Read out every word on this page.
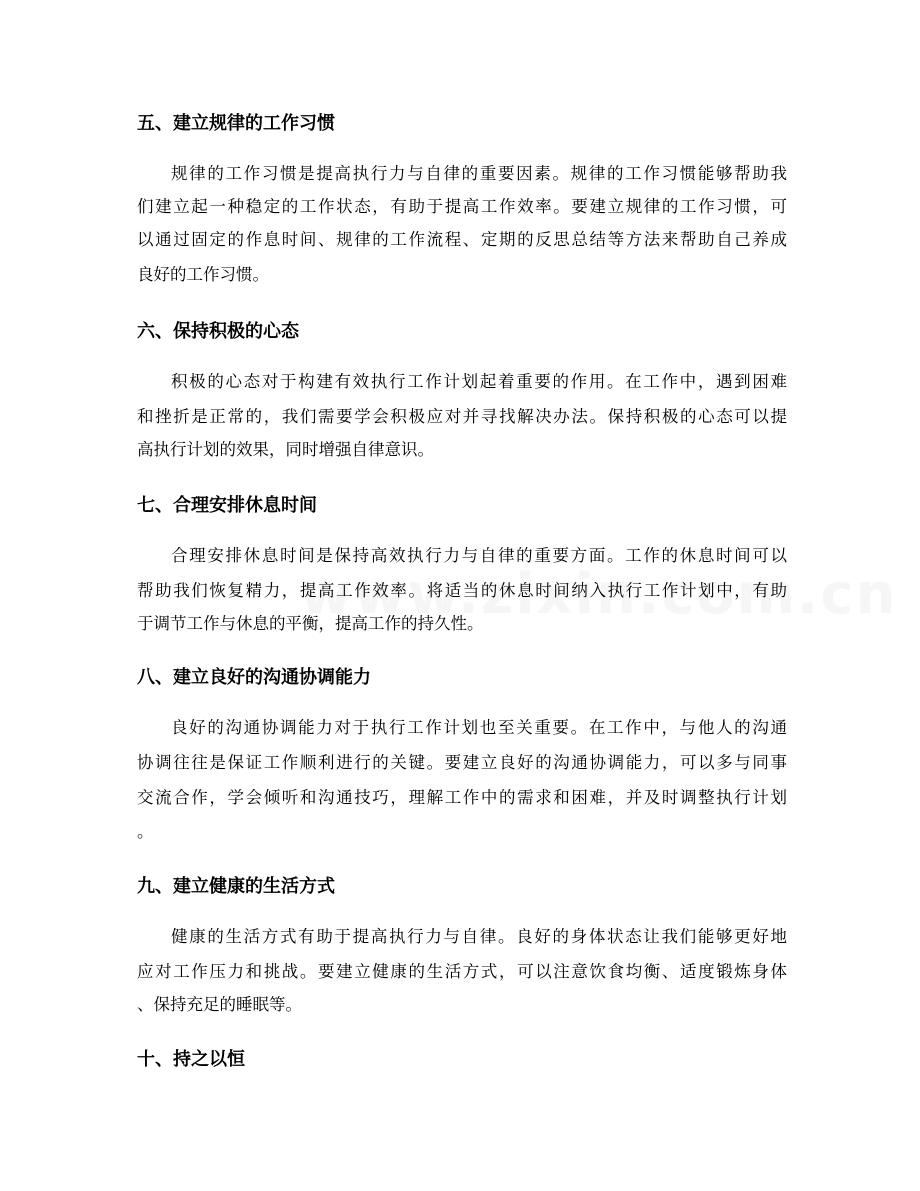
五、建立规律的工作习惯

规律的工作习惯是提高执行力与自律的重要因素。规律的工作习惯能够帮助我

们建立起一种稳定的工作状态，有助于提高工作效率。要建立规律的工作习惯，可

以通过固定的作息时间、规律的工作流程、定期的反思总结等方法来帮助自己养成

良好的工作习惯。

六、保持积极的心态

积极的心态对于构建有效执行工作计划起着重要的作用。在工作中，遇到困难

和挫折是正常的，我们需要学会积极应对并寻找解决办法。保持积极的心态可以提

高执行计划的效果，同时增强自律意识。

七、合理安排休息时间

合理安排休息时间是保持高效执行力与自律的重要方面。工作的休息时间可以

帮助我们恢复精力，提高工作效率。将适当的休息时间纳入执行工作计划中，有助

于调节工作与休息的平衡，提高工作的持久性。

八、建立良好的沟通协调能力

良好的沟通协调能力对于执行工作计划也至关重要。在工作中，与他人的沟通

协调往往是保证工作顺利进行的关键。要建立良好的沟通协调能力，可以多与同事

交流合作，学会倾听和沟通技巧，理解工作中的需求和困难，并及时调整执行计划

。

九、建立健康的生活方式

健康的生活方式有助于提高执行力与自律。良好的身体状态让我们能够更好地

应对工作压力和挑战。要建立健康的生活方式，可以注意饮食均衡、适度锻炼身体

、保持充足的睡眠等。

十、持之以恒
